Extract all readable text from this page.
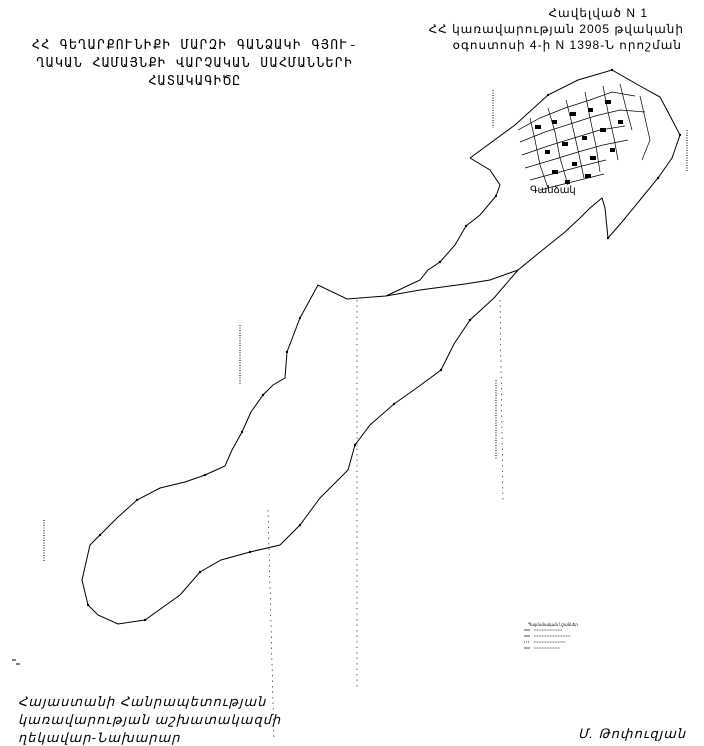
ՀՀ ԳԵՂԱՐՔՈՒՆԻՔԻ ՄԱՐԶԻ ԳԱՆՁԱԿԻ ԳՅՈՒ-
ՂԱԿԱՆ ՀԱՄԱՅՆՔԻ ՎԱՐՉԱԿԱՆ ՍԱՀՄԱՆՆԵՐԻ
ՀԱՏԱԿԱԳԻԾԸ
Հավելված N 1
ՀՀ կառավարության 2005 թվականի
օգոստոսի 4-ի N 1398-Ն որոշման
Գանձակ
Պայմանական նշաններ
Հայաստանի Հանրապետության
կառավարության աշխատակազմի
ղեկավար-Նախարար	Մ. Թոփուզյան
